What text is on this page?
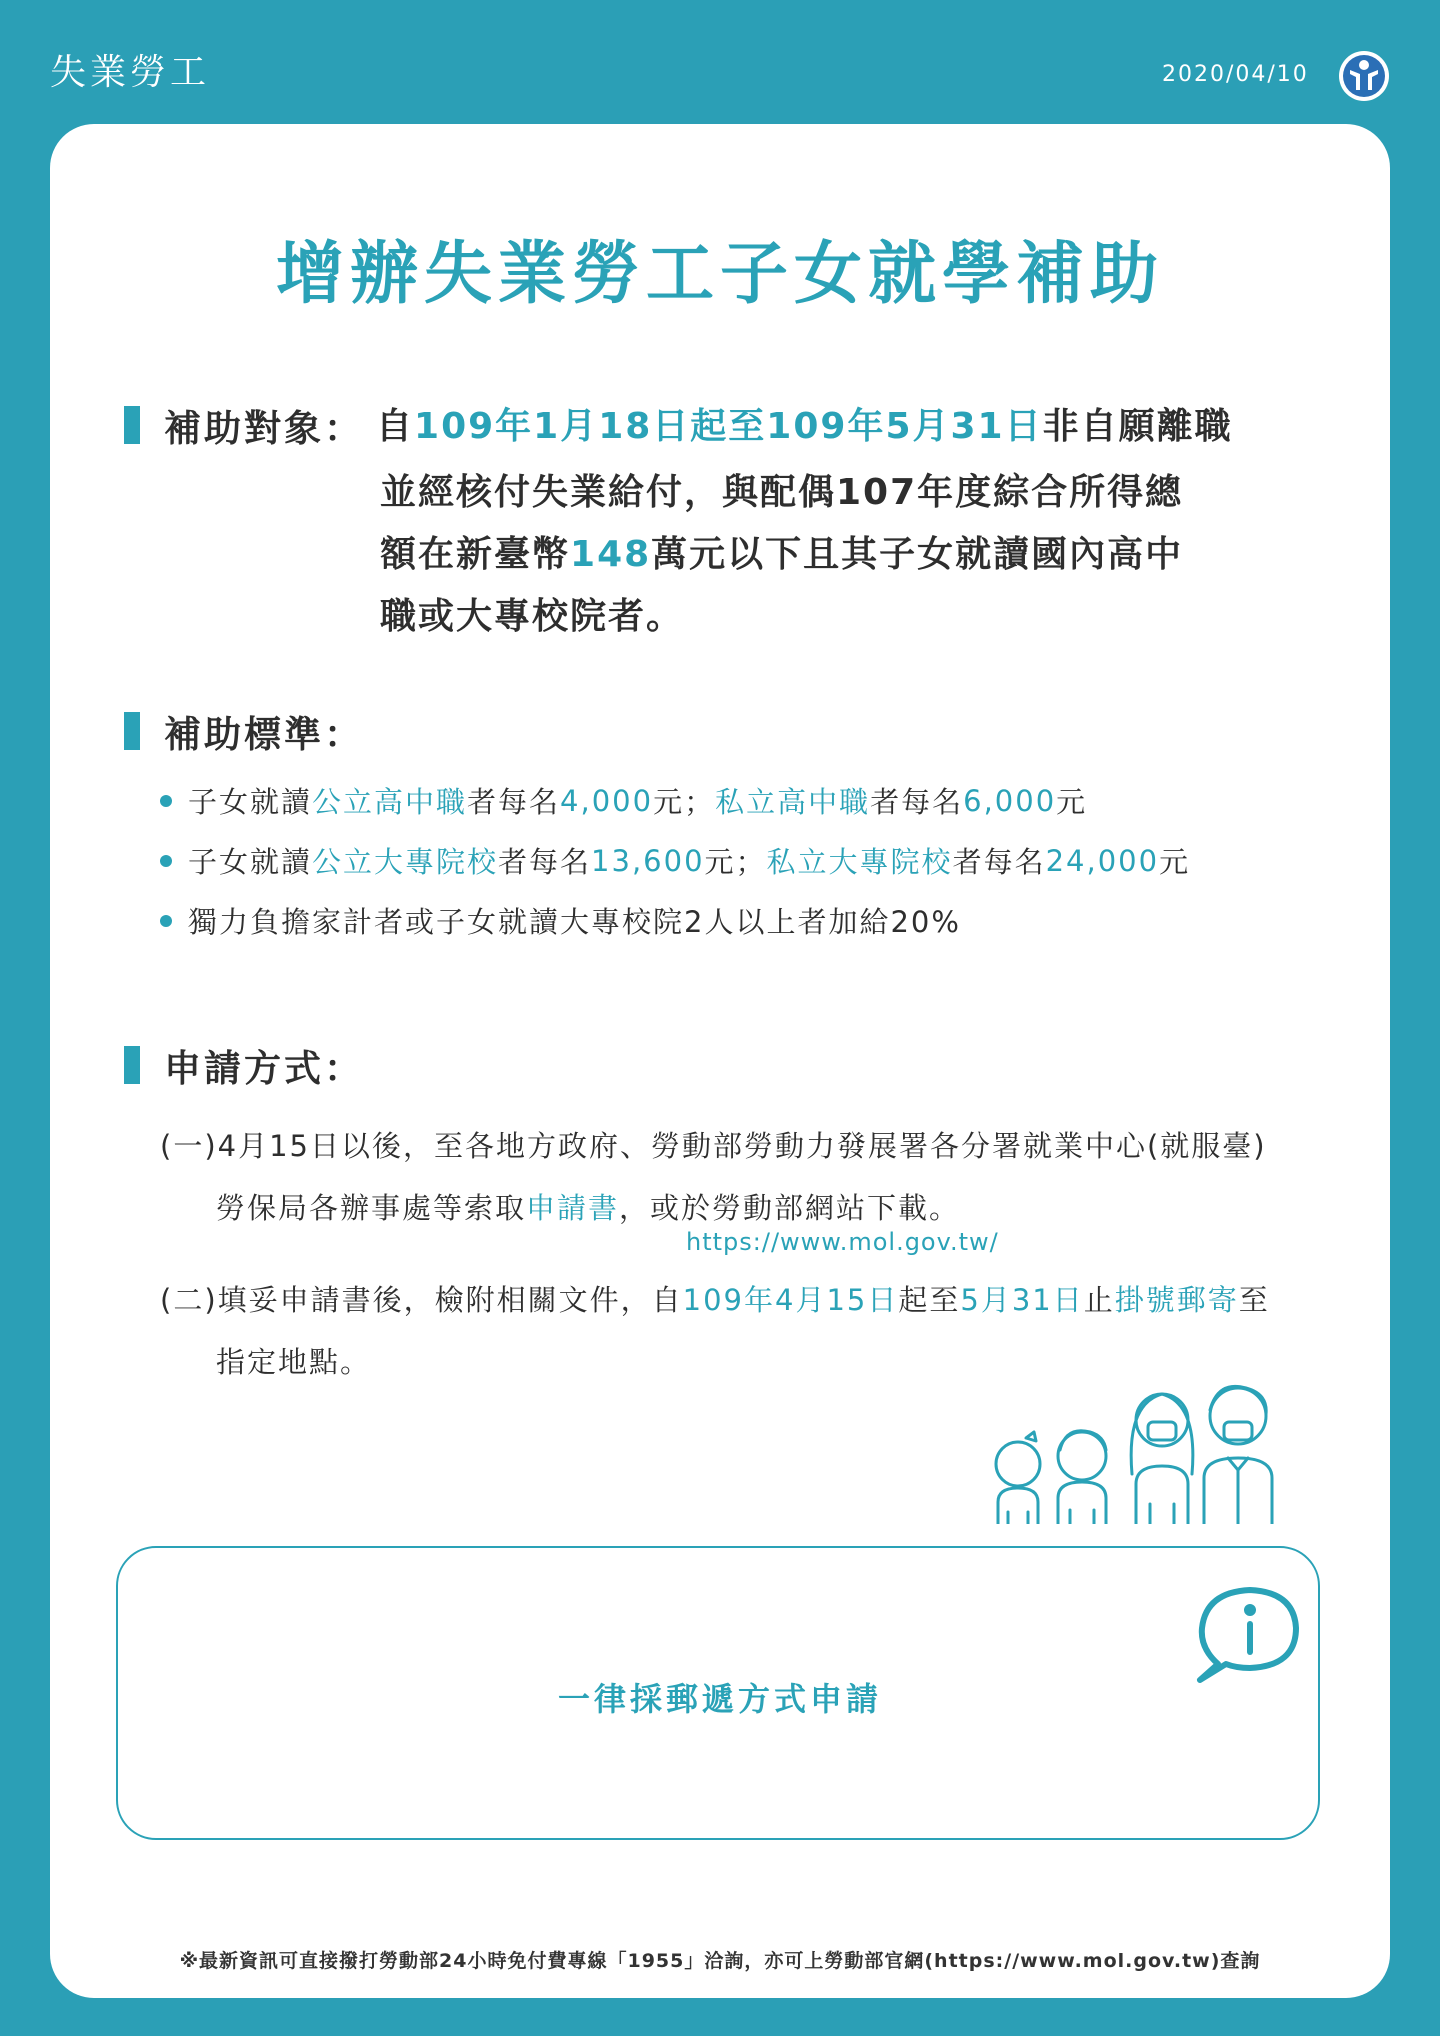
失業勞工	2020/04/10
增辦失業勞工子女就學補助
補助對象： 自109年1月18日起至109年5月31日非自願離職
並經核付失業給付，與配偶107年度綜合所得總
額在新臺幣148萬元以下且其子女就讀國內高中
職或大專校院者。
補助標準：
子女就讀 公立高中職 者每名 4,000 元； 私立高中職 者每名 6,000 元
子女就讀 公立大專院校 者每名 13,600 元； 私立大專院校 者每名 24,000 元
獨力負擔家計者或子女就讀大專校院2人以上者加給20%
申請方式：
(一)4月15日以後，至各地方政府、勞動部勞動力發展署各分署就業中心(就服臺)
勞保局各辦事處等索取申請書，或於勞動部網站下載。
https://www.mol.gov.tw/
(二)填妥申請書後，檢附相關文件，自109年4月15日起至5月31日止掛號郵寄至
指定地點。
一律採郵遞方式申請
※最新資訊可直接撥打勞動部24小時免付費專線「1955」洽詢，亦可上勞動部官網(https://www.mol.gov.tw)查詢
